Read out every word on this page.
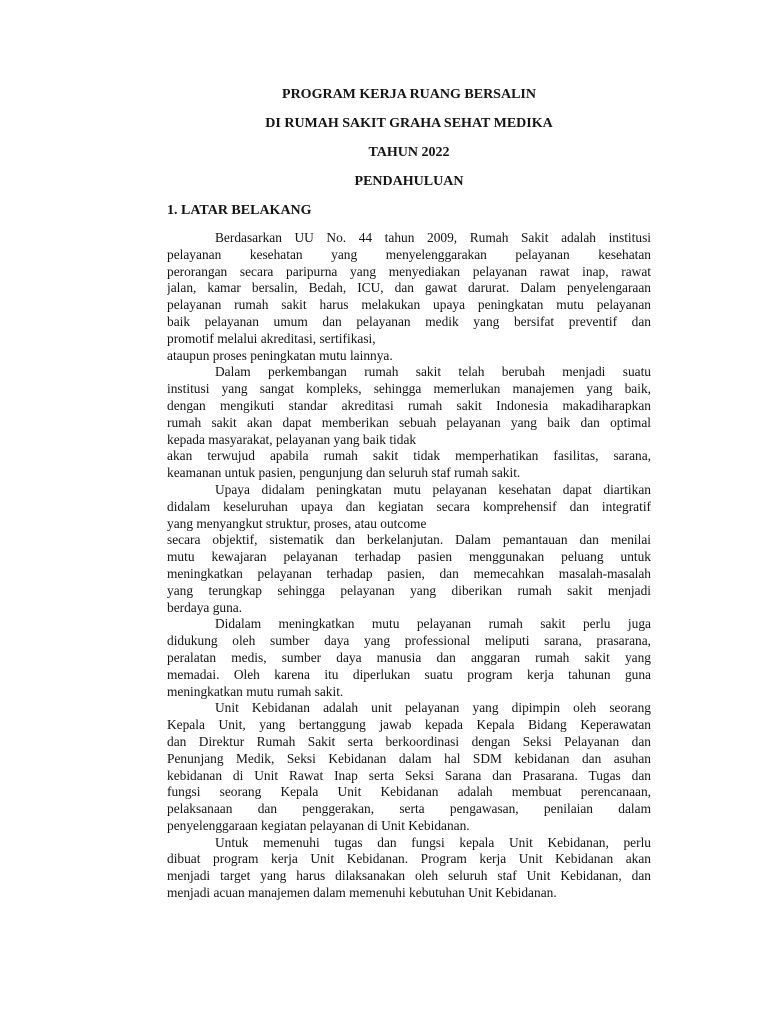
PROGRAM KERJA RUANG BERSALIN

DI RUMAH SAKIT GRAHA SEHAT MEDIKA

TAHUN 2022

PENDAHULUAN

1. LATAR BELAKANG

Berdasarkan UU No. 44 tahun 2009, Rumah Sakit adalah institusi
pelayanan kesehatan yang menyelenggarakan pelayanan kesehatan
perorangan secara paripurna yang menyediakan pelayanan rawat inap, rawat
jalan, kamar bersalin, Bedah, ICU, dan gawat darurat. Dalam penyelengaraan
pelayanan rumah sakit harus melakukan upaya peningkatan mutu pelayanan
baik pelayanan umum dan pelayanan medik yang bersifat preventif dan
promotif melalui akreditasi, sertifikasi,
ataupun proses peningkatan mutu lainnya.
Dalam perkembangan rumah sakit telah berubah menjadi suatu
institusi yang sangat kompleks, sehingga memerlukan manajemen yang baik,
dengan mengikuti standar akreditasi rumah sakit Indonesia makadiharapkan
rumah sakit akan dapat memberikan sebuah pelayanan yang baik dan optimal
kepada masyarakat, pelayanan yang baik tidak
akan terwujud apabila rumah sakit tidak memperhatikan fasilitas, sarana,
keamanan untuk pasien, pengunjung dan seluruh staf rumah sakit.
Upaya didalam peningkatan mutu pelayanan kesehatan dapat diartikan
didalam keseluruhan upaya dan kegiatan secara komprehensif dan integratif
yang menyangkut struktur, proses, atau outcome
secara objektif, sistematik dan berkelanjutan. Dalam pemantauan dan menilai
mutu kewajaran pelayanan terhadap pasien menggunakan peluang untuk
meningkatkan pelayanan terhadap pasien, dan memecahkan masalah-masalah
yang terungkap sehingga pelayanan yang diberikan rumah sakit menjadi
berdaya guna.
Didalam meningkatkan mutu pelayanan rumah sakit perlu juga
didukung oleh sumber daya yang professional meliputi sarana, prasarana,
peralatan medis, sumber daya manusia dan anggaran rumah sakit yang
memadai. Oleh karena itu diperlukan suatu program kerja tahunan guna
meningkatkan mutu rumah sakit.
Unit Kebidanan adalah unit pelayanan yang dipimpin oleh seorang
Kepala Unit, yang bertanggung jawab kepada Kepala Bidang Keperawatan
dan Direktur Rumah Sakit serta berkoordinasi dengan Seksi Pelayanan dan
Penunjang Medik, Seksi Kebidanan dalam hal SDM kebidanan dan asuhan
kebidanan di Unit Rawat Inap serta Seksi Sarana dan Prasarana. Tugas dan
fungsi seorang Kepala Unit Kebidanan adalah membuat perencanaan,
pelaksanaan dan penggerakan, serta pengawasan, penilaian dalam
penyelenggaraan kegiatan pelayanan di Unit Kebidanan.
Untuk memenuhi tugas dan fungsi kepala Unit Kebidanan, perlu
dibuat program kerja Unit Kebidanan. Program kerja Unit Kebidanan akan
menjadi target yang harus dilaksanakan oleh seluruh staf Unit Kebidanan, dan
menjadi acuan manajemen dalam memenuhi kebutuhan Unit Kebidanan.
